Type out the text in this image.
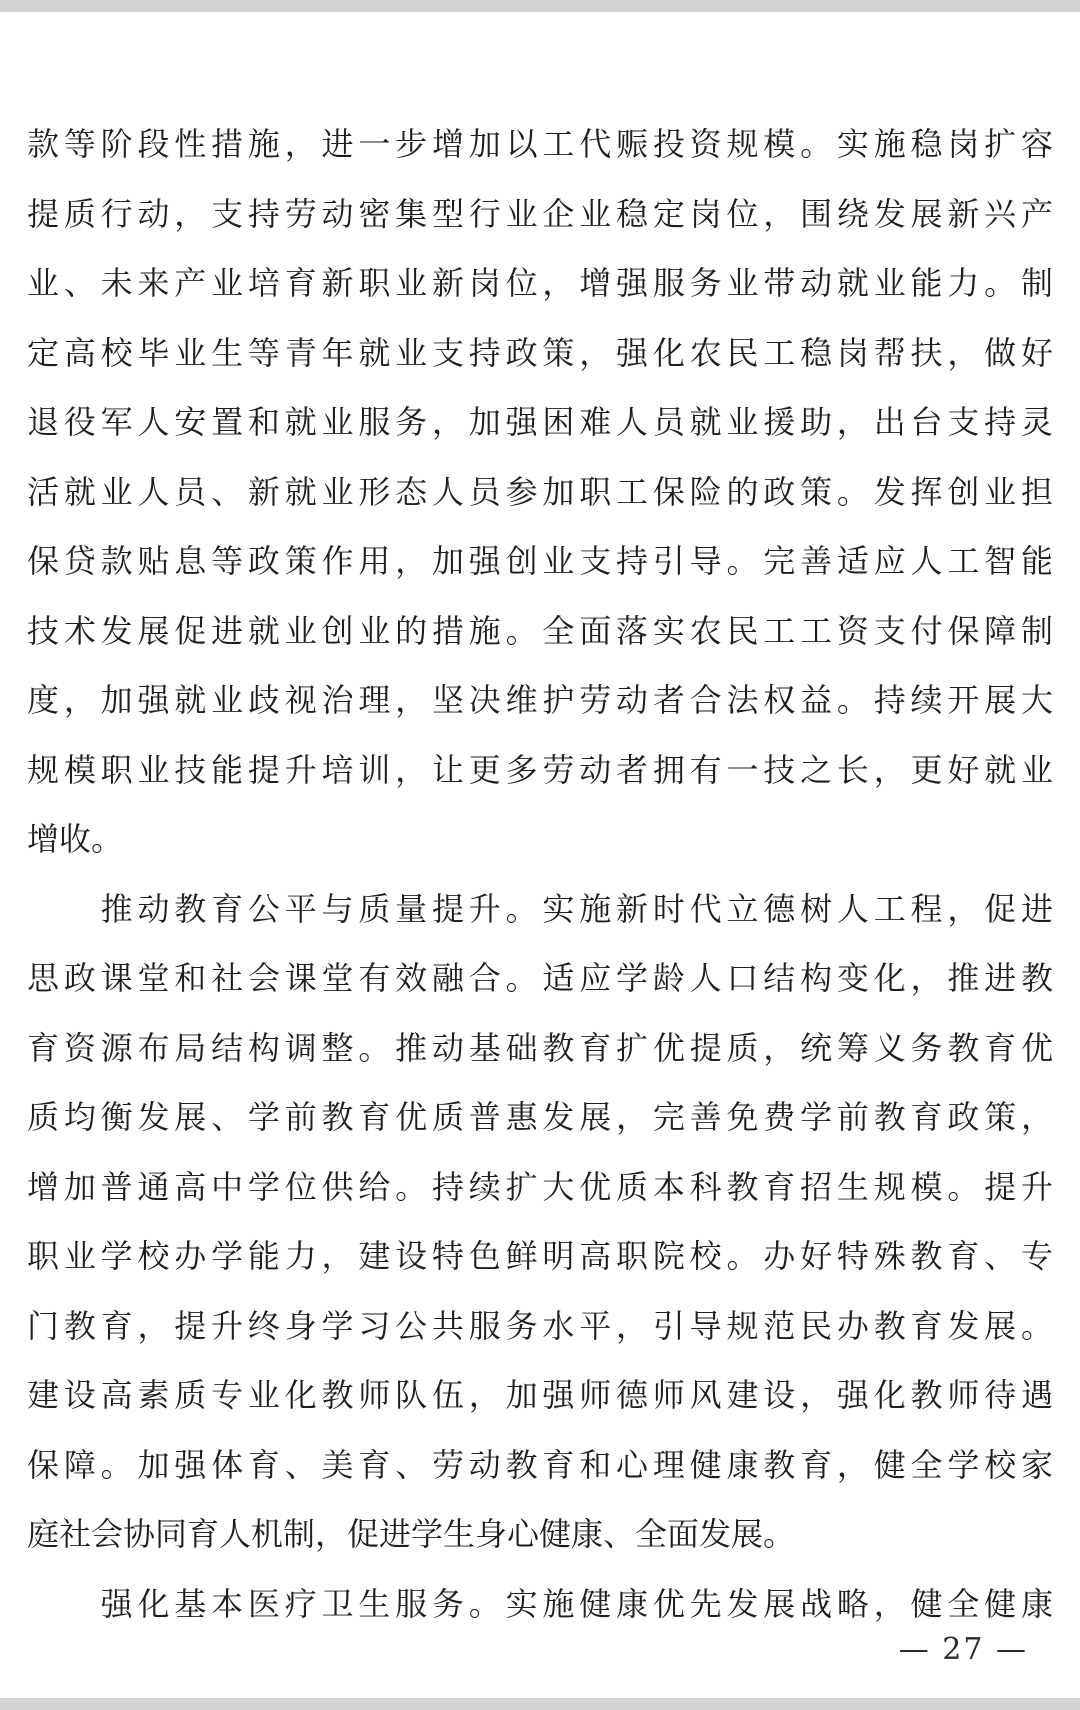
款等阶段性措施，进一步增加以工代赈投资规模。实施稳岗扩容
提质行动，支持劳动密集型行业企业稳定岗位，围绕发展新兴产
业、未来产业培育新职业新岗位，增强服务业带动就业能力。制
定高校毕业生等青年就业支持政策，强化农民工稳岗帮扶，做好
退役军人安置和就业服务，加强困难人员就业援助，出台支持灵
活就业人员、新就业形态人员参加职工保险的政策。发挥创业担
保贷款贴息等政策作用，加强创业支持引导。完善适应人工智能
技术发展促进就业创业的措施。全面落实农民工工资支付保障制
度，加强就业歧视治理，坚决维护劳动者合法权益。持续开展大
规模职业技能提升培训，让更多劳动者拥有一技之长，更好就业
增收。
　　推动教育公平与质量提升。实施新时代立德树人工程，促进
思政课堂和社会课堂有效融合。适应学龄人口结构变化，推进教
育资源布局结构调整。推动基础教育扩优提质，统筹义务教育优
质均衡发展、学前教育优质普惠发展，完善免费学前教育政策，
增加普通高中学位供给。持续扩大优质本科教育招生规模。提升
职业学校办学能力，建设特色鲜明高职院校。办好特殊教育、专
门教育，提升终身学习公共服务水平，引导规范民办教育发展。
建设高素质专业化教师队伍，加强师德师风建设，强化教师待遇
保障。加强体育、美育、劳动教育和心理健康教育，健全学校家
庭社会协同育人机制，促进学生身心健康、全面发展。
　　强化基本医疗卫生服务。实施健康优先发展战略，健全健康
— 27 —
